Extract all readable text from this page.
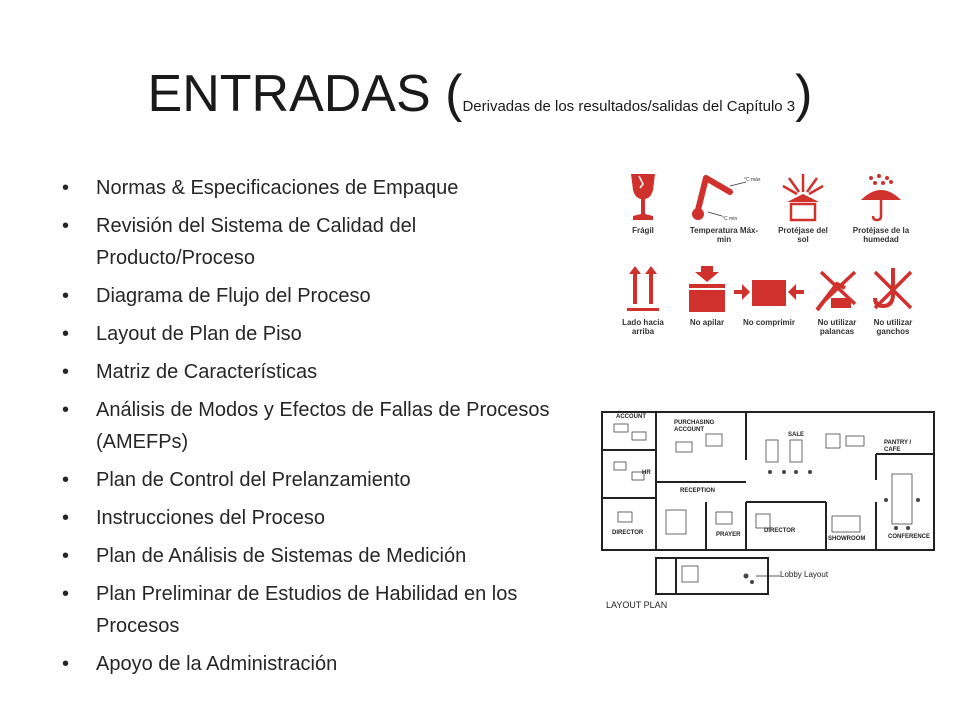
ENTRADAS (Derivadas de los resultados/salidas del Capítulo 3)
• Normas & Especificaciones de Empaque
• Revisión del Sistema de Calidad del Producto/Proceso
• Diagrama de Flujo del Proceso
• Layout de Plan de Piso
• Matriz de Características
• Análisis de Modos y Efectos de Fallas de Procesos (AMEFPs)
• Plan de Control del Prelanzamiento
• Instrucciones del Proceso
• Plan de Análisis de Sistemas de Medición
• Plan Preliminar de Estudios de Habilidad en los Procesos
• Apoyo de la Administración
Frágil
°C máx
°C mín
Temperatura Máx-min
Protéjase del sol
Protéjase de la humedad
Lado hacia arriba
No apilar	No comprimir	No utilizar palancas
No utilizar ganchos
ACCOUNT
PURCHASING ACCOUNT
SALE
PANTRY / CAFE
HR
RECEPTION
DIRECTOR	PRAYER
DIRECTOR
SHOWROOM	CONFERENCE
Lobby Layout
LAYOUT PLAN
